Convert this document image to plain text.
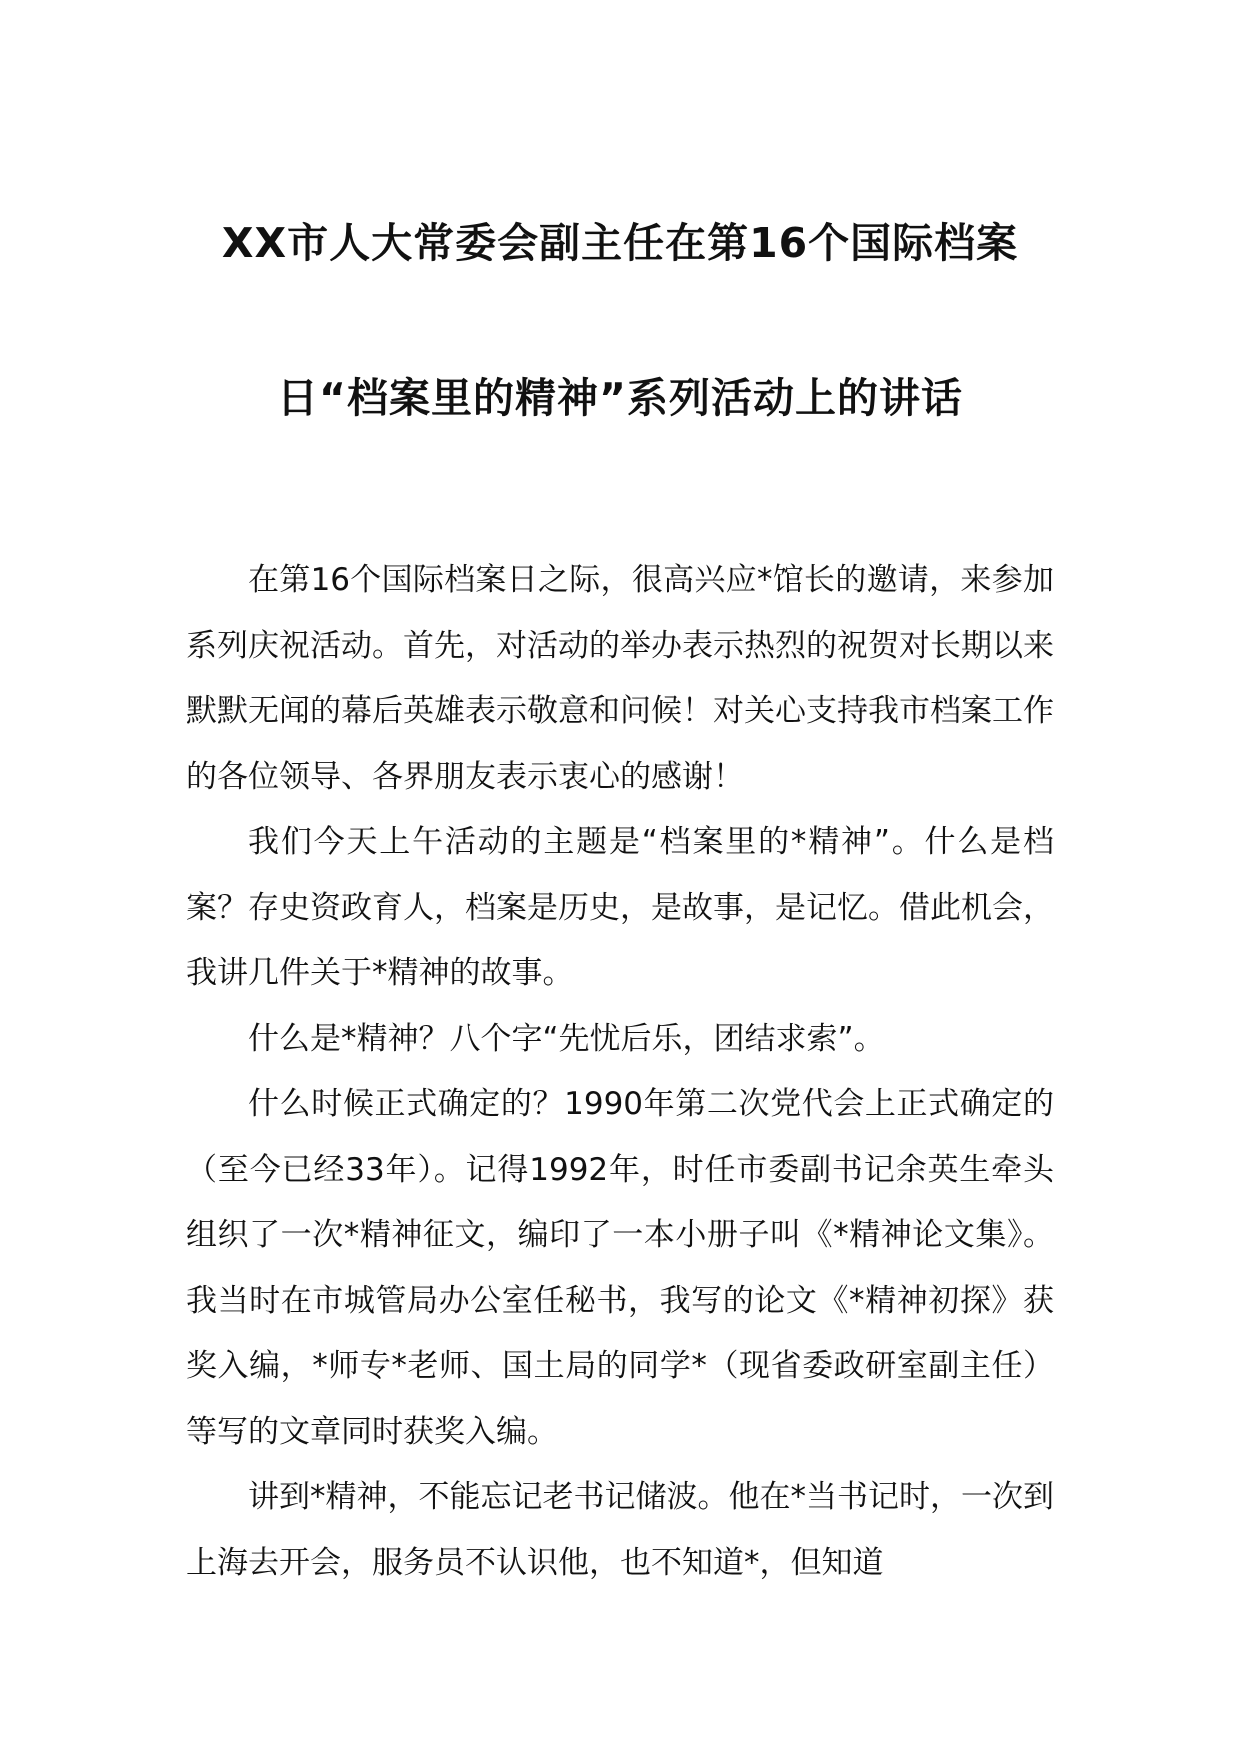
XX市人大常委会副主任在第16个国际档案
日“档案里的精神”系列活动上的讲话

在第16个国际档案日之际，很高兴应*馆长的邀请，来参加系列庆祝活动。首先，对活动的举办表示热烈的祝贺对长期以来默默无闻的幕后英雄表示敬意和问候！对关心支持我市档案工作的各位领导、各界朋友表示衷心的感谢！

我们今天上午活动的主题是“档案里的*精神”。什么是档案？存史资政育人，档案是历史，是故事，是记忆。借此机会，我讲几件关于*精神的故事。

什么是*精神？八个字“先忧后乐，团结求索”。

什么时候正式确定的？1990年第二次党代会上正式确定的（至今已经33年）。记得1992年，时任市委副书记余英生牵头组织了一次*精神征文，编印了一本小册子叫《*精神论文集》。我当时在市城管局办公室任秘书，我写的论文《*精神初探》获奖入编，*师专*老师、国土局的同学*（现省委政研室副主任）等写的文章同时获奖入编。

讲到*精神，不能忘记老书记储波。他在*当书记时，一次到上海去开会，服务员不认识他，也不知道*，但知道
